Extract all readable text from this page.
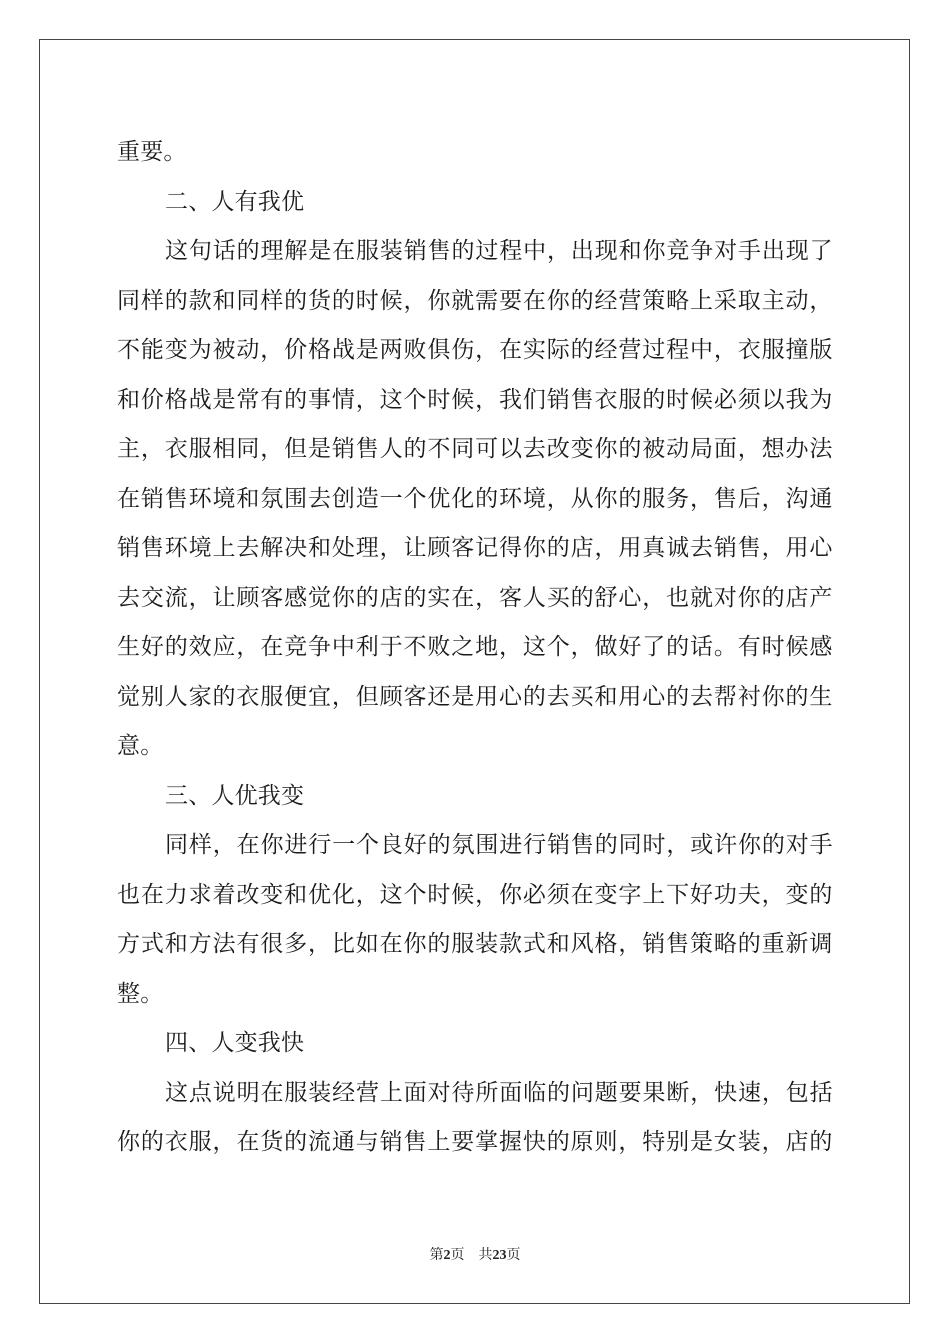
重要。
二、人有我优
这 句 话 的 理 解 是 在 服 装 销 售 的 过 程 中 ， 出 现 和 你 竞 争 对 手 出 现 了
同 样 的 款 和 同 样 的 货 的 时 候 ， 你 就 需 要 在 你 的 经 营 策 略 上 采 取 主 动 ，
不 能 变 为 被 动 ， 价 格 战 是 两 败 俱 伤 ， 在 实 际 的 经 营 过 程 中 ， 衣 服 撞 版
和 价 格 战 是 常 有 的 事 情 ， 这 个 时 候 ， 我 们 销 售 衣 服 的 时 候 必 须 以 我 为
主 ， 衣 服 相 同 ， 但 是 销 售 人 的 不 同 可 以 去 改 变 你 的 被 动 局 面 ， 想 办 法
在 销 售 环 境 和 氛 围 去 创 造 一 个 优 化 的 环 境 ， 从 你 的 服 务 ， 售 后 ， 沟 通
销 售 环 境 上 去 解 决 和 处 理 ， 让 顾 客 记 得 你 的 店 ， 用 真 诚 去 销 售 ， 用 心
去 交 流 ， 让 顾 客 感 觉 你 的 店 的 实 在 ， 客 人 买 的 舒 心 ， 也 就 对 你 的 店 产
生 好 的 效 应 ， 在 竞 争 中 利 于 不 败 之 地 ， 这 个 ， 做 好 了 的 话 。 有 时 候 感
觉 别 人 家 的 衣 服 便 宜 ， 但 顾 客 还 是 用 心 的 去 买 和 用 心 的 去 帮 衬 你 的 生
意。
三、人优我变
同 样 ， 在 你 进 行 一 个 良 好 的 氛 围 进 行 销 售 的 同 时 ， 或 许 你 的 对 手
也 在 力 求 着 改 变 和 优 化 ， 这 个 时 候 ， 你 必 须 在 变 字 上 下 好 功 夫 ， 变 的
方 式 和 方 法 有 很 多 ， 比 如 在 你 的 服 装 款 式 和 风 格 ， 销 售 策 略 的 重 新 调
整。
四、人变我快
这 点 说 明 在 服 装 经 营 上 面 对 待 所 面 临 的 问 题 要 果 断 ， 快 速 ， 包 括
你 的 衣 服 ， 在 货 的 流 通 与 销 售 上 要 掌 握 快 的 原 则 ， 特 别 是 女 装 ， 店 的
第2页 共23页
